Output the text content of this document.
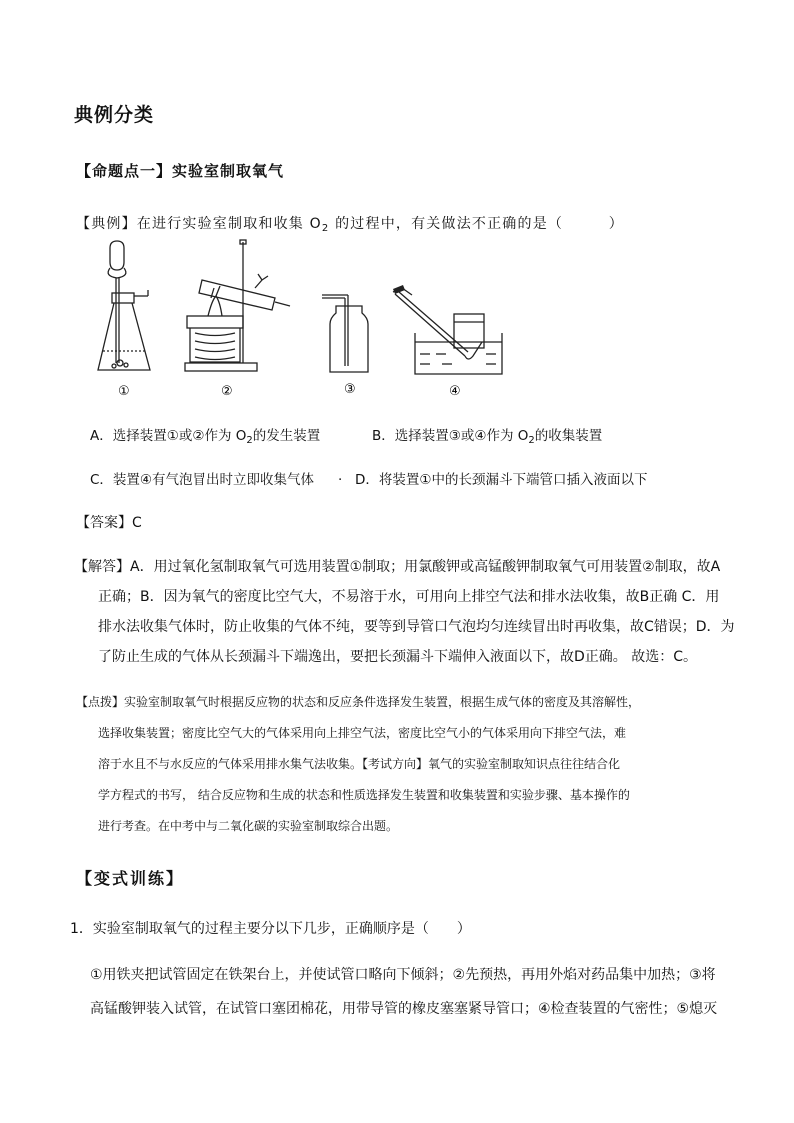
典例分类
【命题点一】实验室制取氧气
【典例】在进行实验室制取和收集 $O_2$ 的过程中，有关做法不正确的是（　　　）
①	②	③	④
A．选择装置①或②作为 $O_2$的发生装置	B．选择装置③或④作为 $O_2$的收集装置
C．装置④有气泡冒出时立即收集气体 . D．将装置①中的长颈漏斗下端管口插入液面以下
【答案】C
【解答】A．用过氧化氢制取氧气可选用装置①制取；用氯酸钾或高锰酸钾制取氧气可用装置②制取，故A
正确；B．因为氧气的密度比空气大，不易溶于水，可用向上排空气法和排水法收集，故B正确 C．用
排水法收集气体时，防止收集的气体不纯，要等到导管口气泡均匀连续冒出时再收集，故C错误；D．为
了防止生成的气体从长颈漏斗下端逸出，要把长颈漏斗下端伸入液面以下，故D正确。 故选：C。
【点拨】实验室制取氧气时根据反应物的状态和反应条件选择发生装置，根据生成气体的密度及其溶解性，
选择收集装置；密度比空气大的气体采用向上排空气法，密度比空气小的气体采用向下排空气法，难
溶于水且不与水反应的气体采用排水集气法收集。【考试方向】氧气的实验室制取知识点往往结合化
学方程式的书写， 结合反应物和生成的状态和性质选择发生装置和收集装置和实验步骤、基本操作的
进行考查。在中考中与二氧化碳的实验室制取综合出题。
【变式训练】
1．实验室制取氧气的过程主要分以下几步，正确顺序是（　　）
①用铁夹把试管固定在铁架台上，并使试管口略向下倾斜；②先预热，再用外焰对药品集中加热；③将
高锰酸钾装入试管，在试管口塞团棉花，用带导管的橡皮塞塞紧导管口；④检查装置的气密性；⑤熄灭
